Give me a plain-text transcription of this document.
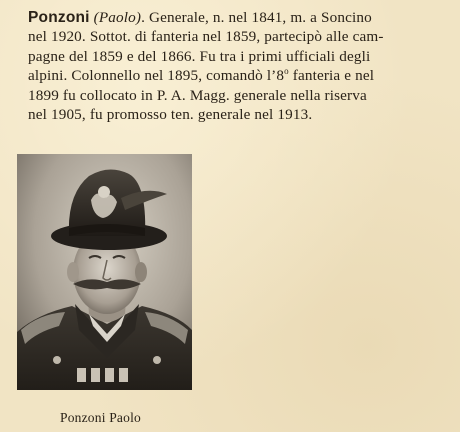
Ponzoni (Paolo). Generale, n. nel 1841, m. a Soncino
nel 1920. Sottot. di fanteria nel 1859, partecipò alle cam-
pagne del 1859 e del 1866. Fu tra i primi ufficiali degli
alpini. Colonnello nel 1895, comandò l’8$^o$ fanteria e nel
1899 fu collocato in P. A. Magg. generale nella riserva
nel 1905, fu promosso ten. generale nel 1913.

Ponzoni Paolo
